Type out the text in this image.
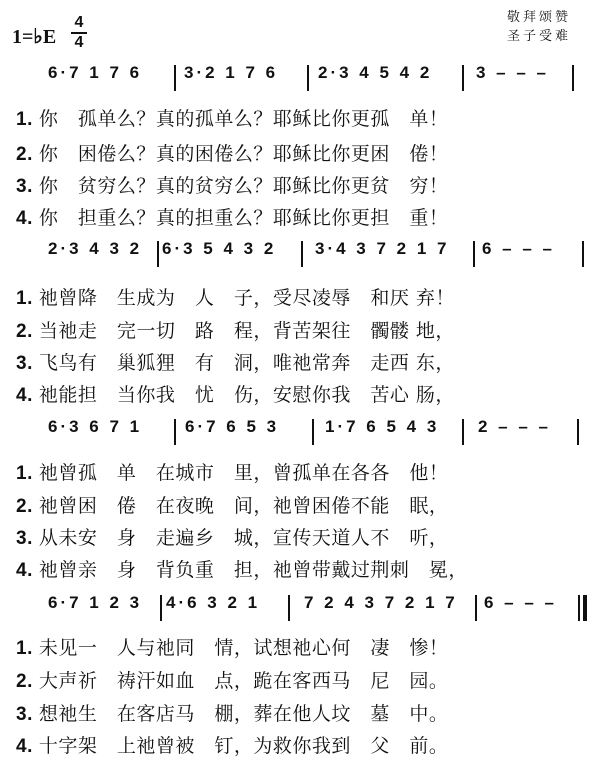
1=♭E
4
4
敬拜颂赞
圣子受难
6·7 1 7 6 3·2 1 7 6 2·3 4 5 4 2	3 – – –
1. 你　孤单么？真的孤单么？耶稣比你更孤　单！
2. 你　困倦么？真的困倦么？耶稣比你更困　倦！
3. 你　贫穷么？真的贫穷么？耶稣比你更贫　穷！
4. 你　担重么？真的担重么？耶稣比你更担　重！
2·3 4 3 2 6·3 5 4 3 2 3·4 3 7 2 1 7 6 – – –
1. 祂曾降　生成为　人　子，受尽凌辱　和厌 弃！
2. 当祂走　完一切　路　程，背苦架往　髑髅 地，
3. 飞鸟有　巢狐狸　有　洞，唯祂常奔　走西 东，
4. 祂能担　当你我　忧　伤，安慰你我　苦心 肠，
6·3 6 7 1	6·7 6 5 3	1·7 6 5 4 3 2 – – –
1. 祂曾孤　单　在城市　里，曾孤单在各各　他！
2. 祂曾困　倦　在夜晚　间，祂曾困倦不能　眠，
3. 从未安　身　走遍乡　城，宣传天道人不　听，
4. 祂曾亲　身　背负重　担，祂曾带戴过荆刺　冕，
6·7 1 2 3 4·6 3 2 1	7 2 4 3 7 2 1 7 6 – – –
1. 未见一　人与祂同　情，试想祂心何　凄　惨！
2. 大声祈　祷汗如血　点，跪在客西马　尼　园。
3. 想祂生　在客店马　棚，葬在他人坟　墓　中。
4. 十字架　上祂曾被　钉，为救你我到　父　前。
